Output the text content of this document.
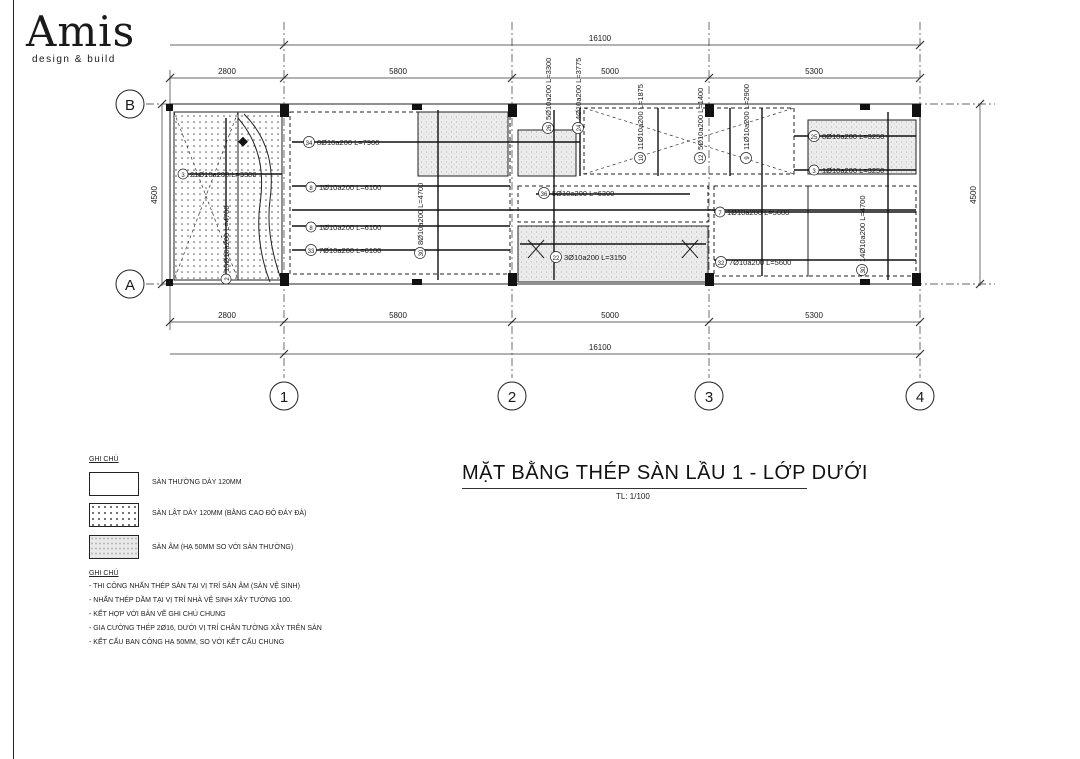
Amis
design & build
16100
2800	5800	5000	5300
2800	5800	5000	5300
16100
4500	4500
B
A
1	2	3	4
3 21Ø10a200 L=3300
2
15Ø10a200 L=4700
34 8Ø10a200 L=7900
8 1Ø10a200 L=6100
8 1Ø10a200 L=6100
33 7Ø10a200 L=6100	30
8Ø10a200 L=4700
26
5Ø10a200 L=3300
24
4Ø10a200 L=3775
10
11Ø10a200 L=1875
12
5Ø10a200 L=1400
9
11Ø10a200 L=2900
36 5Ø10a200 L=6300
22 3Ø10a200 L=3150
7 1Ø10a200 L=5600
32 7Ø10a200 L=5600
25 8Ø10a200 L=3250
3 1Ø10a200 L=3250
30
14Ø10a200 L=4700
MẶT BẰNG THÉP SÀN LẦU 1 - LỚP DƯỚI
TL: 1/100
GHI CHÚ
SÀN THƯỜNG DÀY 120MM
SÀN LẬT DÀY 120MM (BẰNG CAO ĐỘ ĐÁY ĐÀ)
SÀN ÂM (HẠ 50MM SO VỚI SÀN THƯỜNG)
GHI CHÚ
- THI CÔNG NHẤN THÉP SÀN TẠI VỊ TRÍ SÀN ÂM (SÀN VỆ SINH)
- NHẤN THÉP DẦM TẠI VỊ TRÍ NHÀ VỆ SINH XÂY TƯỜNG 100.
- KẾT HỢP VỚI BẢN VẼ GHI CHÚ CHUNG
- GIA CƯỜNG THÉP 2Ø16, DƯỚI VỊ TRÍ CHÂN TƯỜNG XÂY TRÊN SÀN
- KẾT CẤU BAN CÔNG HẠ 50MM, SO VỚI KẾT CẤU CHUNG
